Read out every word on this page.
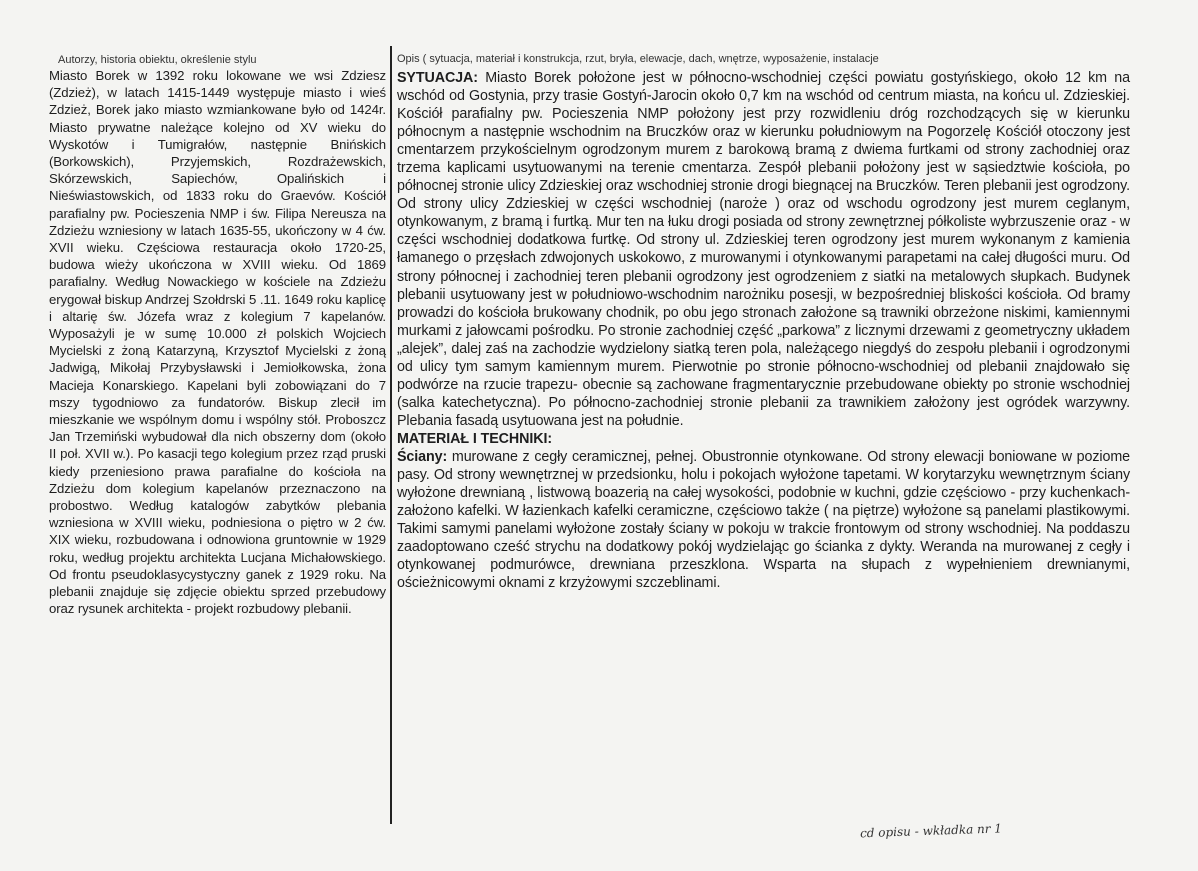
Autorzy, historia obiektu, określenie stylu	Opis ( sytuacja, materiał i konstrukcja, rzut, bryła, elewacje, dach, wnętrze, wyposażenie, instalacje

Miasto Borek w 1392 roku lokowane we wsi Zdziesz (Zdzież), w latach 1415-1449 występuje miasto i wieś Zdzież, Borek jako miasto wzmiankowane było od 1424r. Miasto prywatne należące kolejno od XV wieku do Wyskotów i Tumigrałów, następnie Bnińskich (Borkowskich), Przyjemskich, Rozdrażewskich, Skórzewskich, Sapiechów, Opalińskich i Nieświastowskich, od 1833 roku do Graevów. Kościół parafialny pw. Pocieszenia NMP i św. Filipa Nereusza na Zdzieżu wzniesiony w latach 1635-55, ukończony w 4 ćw. XVII wieku. Częściowa restauracja około 1720-25, budowa wieży ukończona w XVIII wieku. Od 1869 parafialny. Według Nowackiego w kościele na Zdzieżu erygował biskup Andrzej Szołdrski 5 .11. 1649 roku kaplicę i altarię św. Józefa wraz z kolegium 7 kapelanów. Wyposażyli je w sumę 10.000 zł polskich Wojciech Mycielski z żoną Katarzyną, Krzysztof Mycielski z żoną Jadwigą, Mikołaj Przybysławski i Jemiołkowska, żona Macieja Konarskiego. Kapelani byli zobowiązani do 7 mszy tygodniowo za fundatorów. Biskup zlecił im mieszkanie we wspólnym domu i wspólny stół. Proboszcz Jan Trzemiński wybudował dla nich obszerny dom (około II poł. XVII w.). Po kasacji tego kolegium przez rząd pruski kiedy przeniesiono prawa parafialne do kościoła na Zdzieżu dom kolegium kapelanów przeznaczono na probostwo. Według katalogów zabytków plebania wzniesiona w XVIII wieku, podniesiona o piętro w 2 ćw. XIX wieku, rozbudowana i odnowiona gruntownie w 1929 roku, według projektu architekta Lucjana Michałowskiego. Od frontu pseudoklasycystyczny ganek z 1929 roku. Na plebanii znajduje się zdjęcie obiektu sprzed przebudowy oraz rysunek architekta - projekt rozbudowy plebanii.

SYTUACJA: Miasto Borek położone jest w północno-wschodniej części powiatu gostyńskiego, około 12 km na wschód od Gostynia, przy trasie Gostyń-Jarocin około 0,7 km na wschód od centrum miasta, na końcu ul. Zdzieskiej. Kościół parafialny pw. Pocieszenia NMP położony jest przy rozwidleniu dróg rozchodzących się w kierunku północnym a następnie wschodnim na Bruczków oraz w kierunku południowym na Pogorzelę Kościół otoczony jest cmentarzem przykościelnym ogrodzonym murem z barokową bramą z dwiema furtkami od strony zachodniej oraz trzema kaplicami usytuowanymi na terenie cmentarza. Zespół plebanii położony jest w sąsiedztwie kościoła, po północnej stronie ulicy Zdzieskiej oraz wschodniej stronie drogi biegnącej na Bruczków. Teren plebanii jest ogrodzony. Od strony ulicy Zdzieskiej w części wschodniej (naroże ) oraz od wschodu ogrodzony jest murem ceglanym, otynkowanym, z bramą i furtką. Mur ten na łuku drogi posiada od strony zewnętrznej półkoliste wybrzuszenie oraz - w części wschodniej dodatkowa furtkę. Od strony ul. Zdzieskiej teren ogrodzony jest murem wykonanym z kamienia łamanego o przęsłach zdwojonych uskokowo, z murowanymi i otynkowanymi parapetami na całej długości muru. Od strony północnej i zachodniej teren plebanii ogrodzony jest ogrodzeniem z siatki na metalowych słupkach. Budynek plebanii usytuowany jest w południowo-wschodnim narożniku posesji, w bezpośredniej bliskości kościoła. Od bramy prowadzi do kościoła brukowany chodnik, po obu jego stronach założone są trawniki obrzeżone niskimi, kamiennymi murkami z jałowcami pośrodku. Po stronie zachodniej część „parkowa” z licznymi drzewami z geometryczny układem „alejek”, dalej zaś na zachodzie wydzielony siatką teren pola, należącego niegdyś do zespołu plebanii i ogrodzonymi od ulicy tym samym kamiennym murem. Pierwotnie po stronie północno-wschodniej od plebanii znajdowało się podwórze na rzucie trapezu- obecnie są zachowane fragmentarycznie przebudowane obiekty po stronie wschodniej (salka katechetyczna). Po północno-zachodniej stronie plebanii za trawnikiem założony jest ogródek warzywny. Plebania fasadą usytuowana jest na południe.

MATERIAŁ I TECHNIKI:

Ściany: murowane z cegły ceramicznej, pełnej. Obustronnie otynkowane. Od strony elewacji boniowane w poziome pasy. Od strony wewnętrznej w przedsionku, holu i pokojach wyłożone tapetami. W korytarzyku wewnętrznym ściany wyłożone drewnianą , listwową boazerią na całej wysokości, podobnie w kuchni, gdzie częściowo - przy kuchenkach- założono kafelki. W łazienkach kafelki ceramiczne, częściowo także ( na piętrze) wyłożone są panelami plastikowymi. Takimi samymi panelami wyłożone zostały ściany w pokoju w trakcie frontowym od strony wschodniej. Na poddaszu zaadoptowano cześć strychu na dodatkowy pokój wydzielając go ścianka z dykty. Weranda na murowanej z cegły i otynkowanej podmurówce, drewniana przeszklona. Wsparta na słupach z wypełnieniem drewnianymi, ościeżnicowymi oknami z krzyżowymi szczeblinami.

cd opisu - wkładka nr 1
